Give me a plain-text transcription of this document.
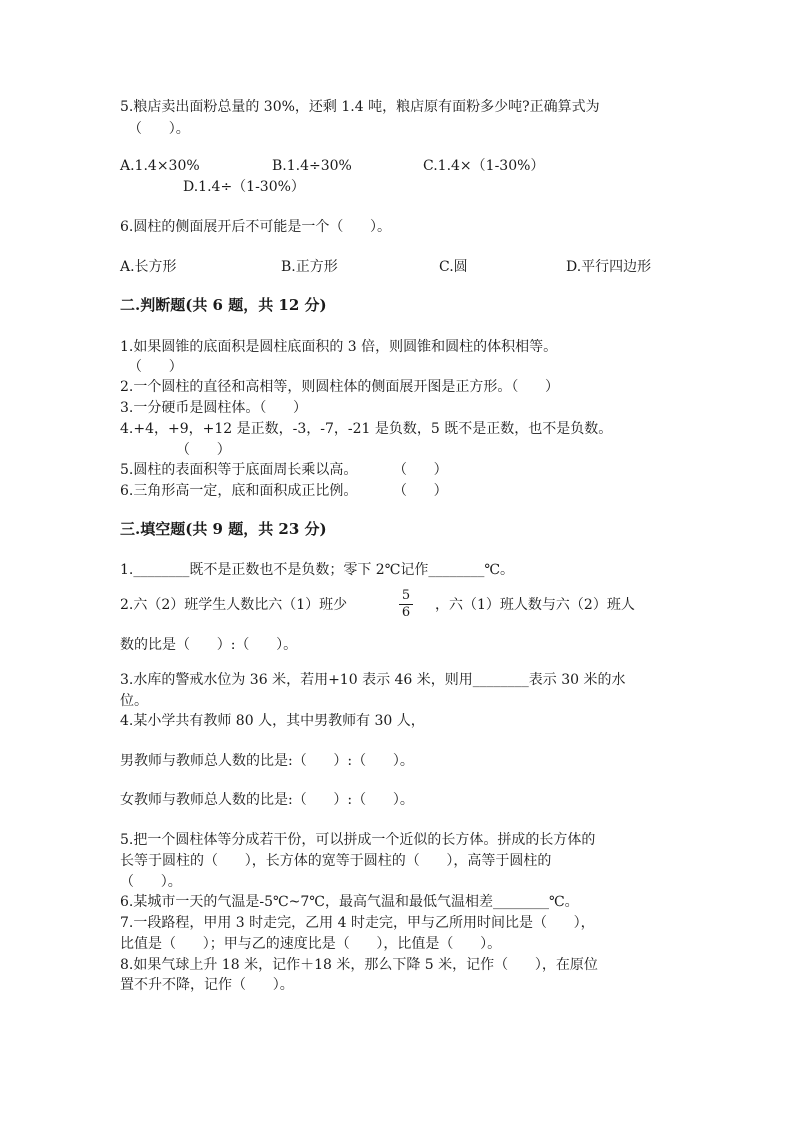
5.粮店卖出面粉总量的 30%，还剩 1.4 吨，粮店原有面粉多少吨?正确算式为
（      ）。
A.1.4×30%	B.1.4÷30%	C.1.4×（1-30%）
D.1.4÷（1-30%）
6.圆柱的侧面展开后不可能是一个（      ）。
A.长方形	B.正方形	C.圆	D.平行四边形
二.判断题(共 6 题，共 12 分)
1.如果圆锥的底面积是圆柱底面积的 3 倍，则圆锥和圆柱的体积相等。
（      ）
2.一个圆柱的直径和高相等，则圆柱体的侧面展开图是正方形。（      ）
3.一分硬币是圆柱体。（      ）
4.+4，+9，+12 是正数，-3，-7，-21 是负数，5 既不是正数，也不是负数。
（      ）
5.圆柱的表面积等于底面周长乘以高。        （      ）
6.三角形高一定，底和面积成正比例。        （      ）
三.填空题(共 9 题，共 23 分)
1.________既不是正数也不是负数；零下 2℃记作________℃。
2.六（2）班学生人数比六（1）班少	$\frac{5}{6}$ ，六（1）班人数与六（2）班人
数的比是（      ）:（      ）。
3.水库的警戒水位为 36 米，若用+10 表示 46 米，则用________表示 30 米的水
位。
4.某小学共有教师 80 人，其中男教师有 30 人，
男教师与教师总人数的比是:（      ）:（      ）。
女教师与教师总人数的比是:（      ）:（      ）。
5.把一个圆柱体等分成若干份，可以拼成一个近似的长方体。拼成的长方体的
长等于圆柱的（      ），长方体的宽等于圆柱的（      ），高等于圆柱的
（      ）。
6.某城市一天的气温是-5℃~7℃，最高气温和最低气温相差________℃。
7.一段路程，甲用 3 时走完，乙用 4 时走完，甲与乙所用时间比是（      ），
比值是（      ）；甲与乙的速度比是（      ），比值是（      ）。
8.如果气球上升 18 米，记作＋18 米，那么下降 5 米，记作（      ），在原位
置不升不降，记作（      ）。
